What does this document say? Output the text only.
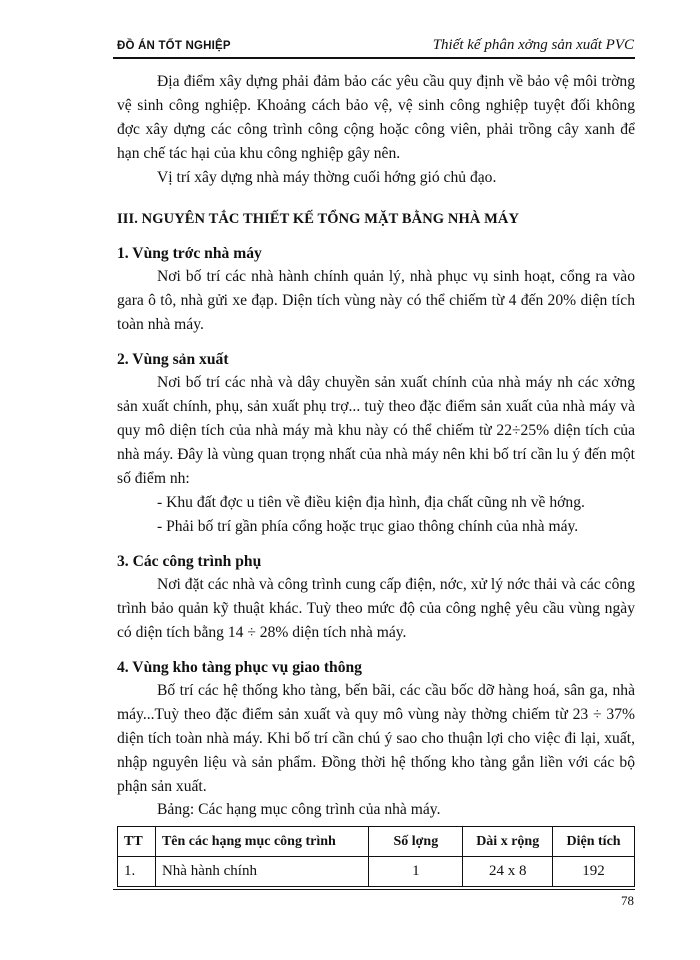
ĐỒ ÁN TỐT NGHIỆP	Thiết kế phân xởng sản xuất PVC

Địa điểm xây dựng phải đảm bảo các yêu cầu quy định về bảo vệ môi trờng vệ sinh công nghiệp. Khoảng cách bảo vệ, vệ sinh công nghiệp tuyệt đối không đợc xây dựng các công trình công cộng hoặc công viên, phải trồng cây xanh để hạn chế tác hại của khu công nghiệp gây nên.

Vị trí xây dựng nhà máy thờng cuối hớng gió chủ đạo.

III. NGUYÊN TẮC THIẾT KẾ TỔNG MẶT BẰNG NHÀ MÁY

1. Vùng trớc nhà máy

Nơi bố trí các nhà hành chính quản lý, nhà phục vụ sinh hoạt, cổng ra vào gara ô tô, nhà gửi xe đạp. Diện tích vùng này có thể chiếm từ 4 đến 20% diện tích toàn nhà máy.

2. Vùng sản xuất

Nơi bố trí các nhà và dây chuyền sản xuất chính của nhà máy nh các xởng sản xuất chính, phụ, sản xuất phụ trợ... tuỳ theo đặc điểm sản xuất của nhà máy và quy mô diện tích của nhà máy mà khu này có thể chiếm từ 22÷25% diện tích của nhà máy. Đây là vùng quan trọng nhất của nhà máy nên khi bố trí cần lu ý đến một số điểm nh:

- Khu đất đợc u tiên về điều kiện địa hình, địa chất cũng nh về hớng.

- Phải bố trí gần phía cổng hoặc trục giao thông chính của nhà máy.

3. Các công trình phụ

Nơi đặt các nhà và công trình cung cấp điện, nớc, xử lý nớc thải và các công trình bảo quản kỹ thuật khác. Tuỳ theo mức độ của công nghệ yêu cầu vùng ngày có diện tích bằng 14 ÷ 28% diện tích nhà máy.

4. Vùng kho tàng phục vụ giao thông

Bố trí các hệ thống kho tàng, bến bãi, các cầu bốc dỡ hàng hoá, sân ga, nhà máy...Tuỳ theo đặc điểm sản xuất và quy mô vùng này thờng chiếm từ 23 ÷ 37% diện tích toàn nhà máy. Khi bố trí cần chú ý sao cho thuận lợi cho việc đi lại, xuất, nhập nguyên liệu và sản phẩm. Đồng thời hệ thống kho tàng gắn liền với các bộ phận sản xuất.

Bảng: Các hạng mục công trình của nhà máy.

TT	Tên các hạng mục công trình	Số lợng	Dài x rộng	Diện tích
1.	Nhà hành chính	1	24 x 8	192
78
